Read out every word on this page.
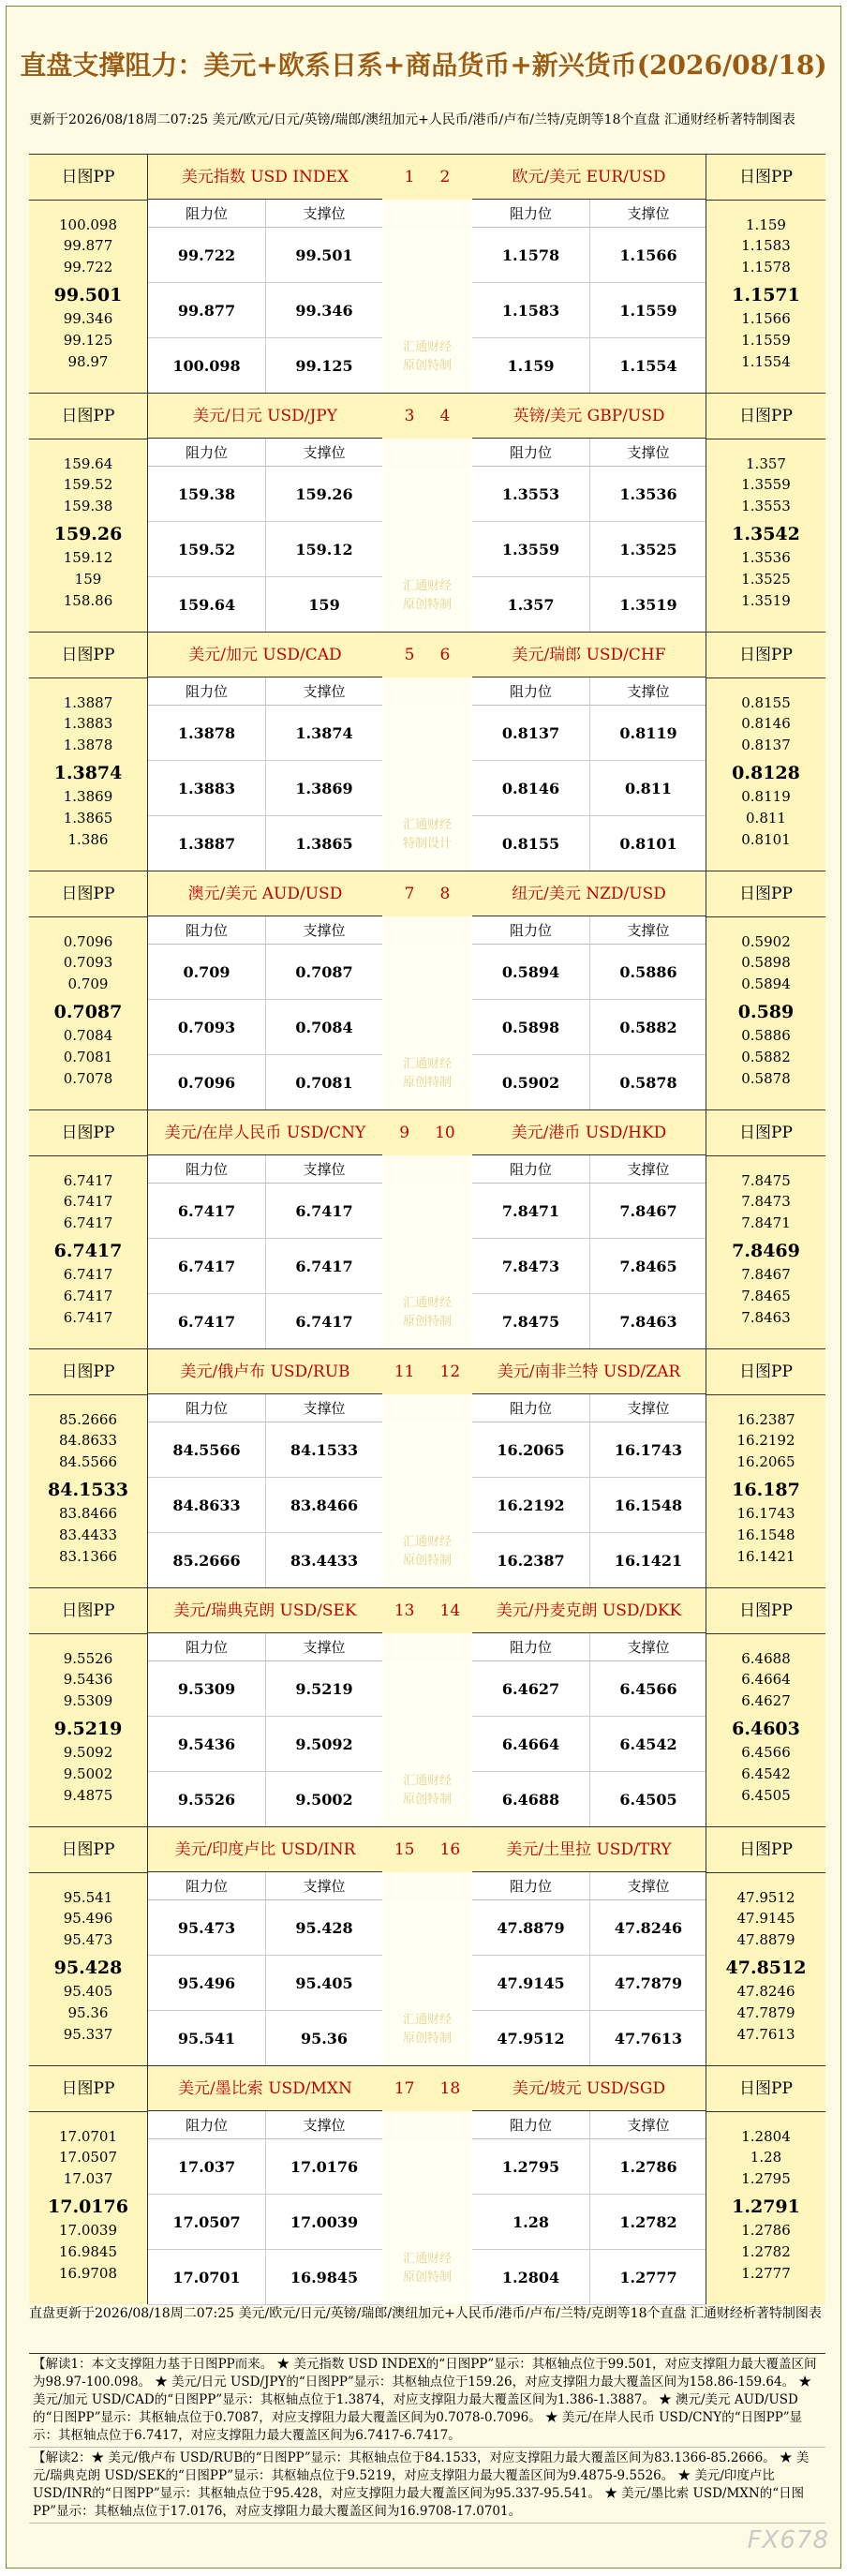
直盘支撑阻力：美元+欧系日系+商品货币+新兴货币(2026/08/18)
更新于2026/08/18周二07:25 美元/欧元/日元/英镑/瑞郎/澳纽加元+人民币/港币/卢布/兰特/克朗等18个直盘 汇通财经析著特制图表
日图PP
100.098
99.877
99.722
99.501
99.346
99.125
98.97
美元指数 USD INDEX
阻力位	支撑位
99.722	99.501
99.877	99.346
100.098	99.125
日图PP
1.159
1.1583
1.1578
1.1571
1.1566
1.1559
1.1554
欧元/美元 EUR/USD
阻力位	支撑位
1.1578	1.1566
1.1583	1.1559
1.159	1.1554
1 2
汇通财经
原创特制
日图PP
159.64
159.52
159.38
159.26
159.12
159
158.86
美元/日元 USD/JPY
阻力位	支撑位
159.38	159.26
159.52	159.12
159.64	159
日图PP
1.357
1.3559
1.3553
1.3542
1.3536
1.3525
1.3519
英镑/美元 GBP/USD
阻力位	支撑位
1.3553	1.3536
1.3559	1.3525
1.357	1.3519
3 4
汇通财经
原创特制
日图PP
1.3887
1.3883
1.3878
1.3874
1.3869
1.3865
1.386
美元/加元 USD/CAD
阻力位	支撑位
1.3878	1.3874
1.3883	1.3869
1.3887	1.3865
日图PP
0.8155
0.8146
0.8137
0.8128
0.8119
0.811
0.8101
美元/瑞郎 USD/CHF
阻力位	支撑位
0.8137	0.8119
0.8146	0.811
0.8155	0.8101
5 6
汇通财经
特制设计
日图PP
0.7096
0.7093
0.709
0.7087
0.7084
0.7081
0.7078
澳元/美元 AUD/USD
阻力位	支撑位
0.709	0.7087
0.7093	0.7084
0.7096	0.7081
日图PP
0.5902
0.5898
0.5894
0.589
0.5886
0.5882
0.5878
纽元/美元 NZD/USD
阻力位	支撑位
0.5894	0.5886
0.5898	0.5882
0.5902	0.5878
7 8
汇通财经
原创特制
日图PP
6.7417
6.7417
6.7417
6.7417
6.7417
6.7417
6.7417
美元/在岸人民币 USD/CNY
阻力位	支撑位
6.7417	6.7417
6.7417	6.7417
6.7417	6.7417
日图PP
7.8475
7.8473
7.8471
7.8469
7.8467
7.8465
7.8463
美元/港币 USD/HKD
阻力位	支撑位
7.8471	7.8467
7.8473	7.8465
7.8475	7.8463
9 10
汇通财经
原创特制
日图PP
85.2666
84.8633
84.5566
84.1533
83.8466
83.4433
83.1366
美元/俄卢布 USD/RUB
阻力位	支撑位
84.5566	84.1533
84.8633	83.8466
85.2666	83.4433
日图PP
16.2387
16.2192
16.2065
16.187
16.1743
16.1548
16.1421
美元/南非兰特 USD/ZAR
阻力位	支撑位
16.2065	16.1743
16.2192	16.1548
16.2387	16.1421
11 12
汇通财经
原创特制
日图PP
9.5526
9.5436
9.5309
9.5219
9.5092
9.5002
9.4875
美元/瑞典克朗 USD/SEK
阻力位	支撑位
9.5309	9.5219
9.5436	9.5092
9.5526	9.5002
日图PP
6.4688
6.4664
6.4627
6.4603
6.4566
6.4542
6.4505
美元/丹麦克朗 USD/DKK
阻力位	支撑位
6.4627	6.4566
6.4664	6.4542
6.4688	6.4505
13 14
汇通财经
原创特制
日图PP
95.541
95.496
95.473
95.428
95.405
95.36
95.337
美元/印度卢比 USD/INR
阻力位	支撑位
95.473	95.428
95.496	95.405
95.541	95.36
日图PP
47.9512
47.9145
47.8879
47.8512
47.8246
47.7879
47.7613
美元/土里拉 USD/TRY
阻力位	支撑位
47.8879	47.8246
47.9145	47.7879
47.9512	47.7613
15 16
汇通财经
原创特制
日图PP
17.0701
17.0507
17.037
17.0176
17.0039
16.9845
16.9708
美元/墨比索 USD/MXN
阻力位	支撑位
17.037	17.0176
17.0507	17.0039
17.0701	16.9845
日图PP
1.2804
1.28
1.2795
1.2791
1.2786
1.2782
1.2777
美元/坡元 USD/SGD
阻力位	支撑位
1.2795	1.2786
1.28	1.2782
1.2804	1.2777
17 18
汇通财经
原创特制
直盘更新于2026/08/18周二07:25 美元/欧元/日元/英镑/瑞郎/澳纽加元+人民币/港币/卢布/兰特/克朗等18个直盘 汇通财经析著特制图表
【解读1：本文支撑阻力基于日图PP而来。 ★ 美元指数 USD INDEX的“日图PP”显示：其枢轴点位于99.501，对应支撑阻力最大覆盖区间为98.97-100.098。 ★ 美元/日元 USD/JPY的“日图PP”显示：其枢轴点位于159.26，对应支撑阻力最大覆盖区间为158.86-159.64。 ★ 美元/加元 USD/CAD的“日图PP”显示：其枢轴点位于1.3874，对应支撑阻力最大覆盖区间为1.386-1.3887。 ★ 澳元/美元 AUD/USD的“日图PP”显示：其枢轴点位于0.7087，对应支撑阻力最大覆盖区间为0.7078-0.7096。 ★ 美元/在岸人民币 USD/CNY的“日图PP”显示：其枢轴点位于6.7417，对应支撑阻力最大覆盖区间为6.7417-6.7417。
【解读2：★ 美元/俄卢布 USD/RUB的“日图PP”显示：其枢轴点位于84.1533，对应支撑阻力最大覆盖区间为83.1366-85.2666。 ★ 美元/瑞典克朗 USD/SEK的“日图PP”显示：其枢轴点位于9.5219，对应支撑阻力最大覆盖区间为9.4875-9.5526。 ★ 美元/印度卢比 USD/INR的“日图PP”显示：其枢轴点位于95.428，对应支撑阻力最大覆盖区间为95.337-95.541。 ★ 美元/墨比索 USD/MXN的“日图PP”显示：其枢轴点位于17.0176，对应支撑阻力最大覆盖区间为16.9708-17.0701。
FX678
